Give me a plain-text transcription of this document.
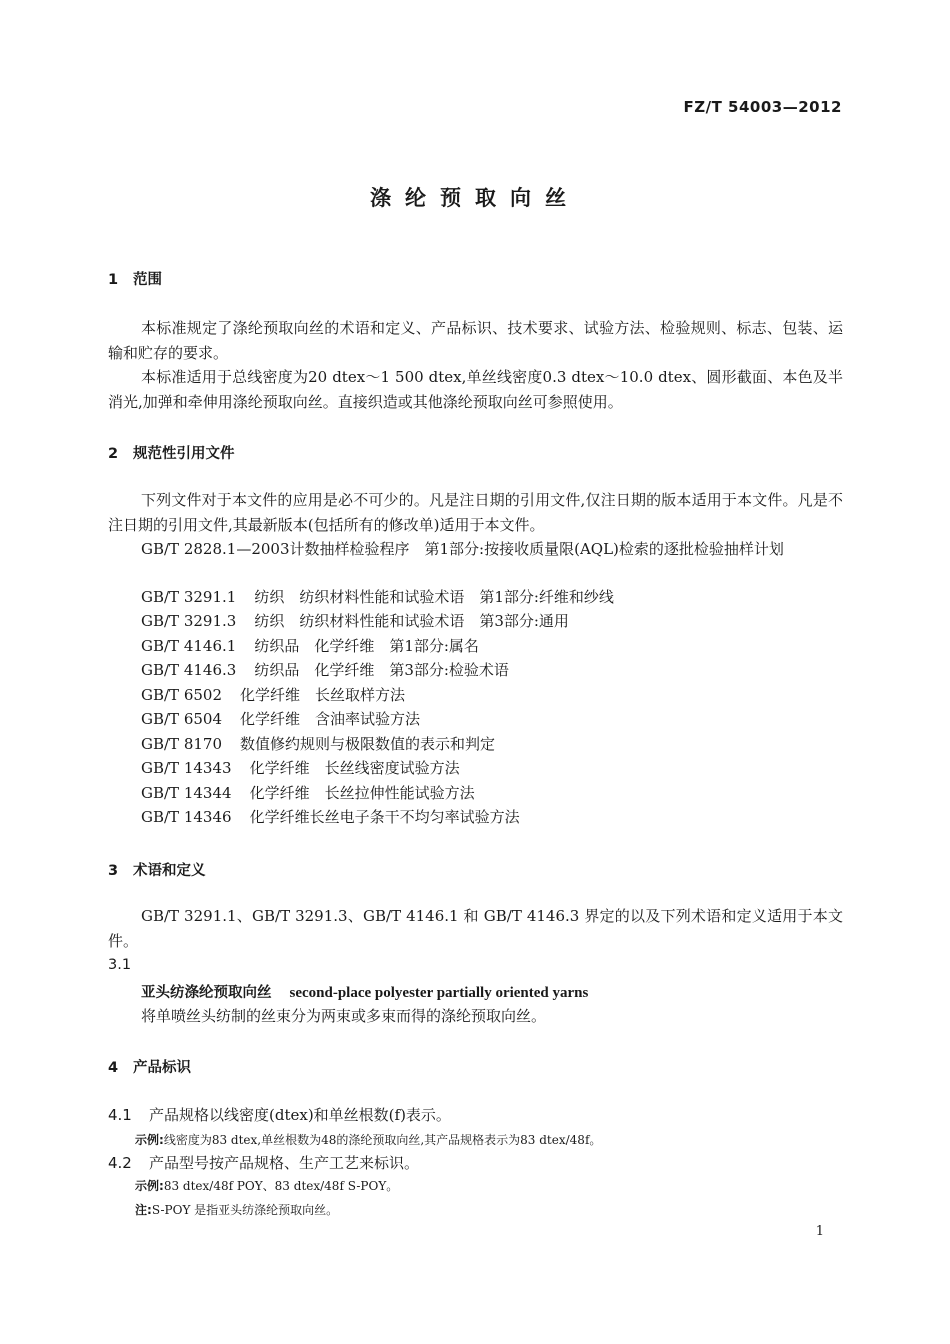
FZ/T 54003—2012
涤纶预取向丝
1 范围
本标准规定了涤纶预取向丝的术语和定义、产品标识、技术要求、试验方法、检验规则、标志、包装、运输和贮存的要求。
本标准适用于总线密度为20 dtex～1 500 dtex,单丝线密度0.3 dtex～10.0 dtex、圆形截面、本色及半消光,加弹和牵伸用涤纶预取向丝。直接织造或其他涤纶预取向丝可参照使用。
2 规范性引用文件
下列文件对于本文件的应用是必不可少的。凡是注日期的引用文件,仅注日期的版本适用于本文件。凡是不注日期的引用文件,其最新版本(包括所有的修改单)适用于本文件。
GB/T 2828.1—2003计数抽样检验程序　第1部分:按接收质量限(AQL)检索的逐批检验抽样计划
GB/T 3291.1 纺织　纺织材料性能和试验术语　第1部分:纤维和纱线
GB/T 3291.3 纺织　纺织材料性能和试验术语　第3部分:通用
GB/T 4146.1 纺织品　化学纤维　第1部分:属名
GB/T 4146.3 纺织品　化学纤维　第3部分:检验术语
GB/T 6502 化学纤维　长丝取样方法
GB/T 6504 化学纤维　含油率试验方法
GB/T 8170 数值修约规则与极限数值的表示和判定
GB/T 14343 化学纤维　长丝线密度试验方法
GB/T 14344 化学纤维　长丝拉伸性能试验方法
GB/T 14346 化学纤维长丝电子条干不均匀率试验方法
3 术语和定义
GB/T 3291.1、GB/T 3291.3、GB/T 4146.1 和 GB/T 4146.3 界定的以及下列术语和定义适用于本文件。
3.1
亚头纺涤纶预取向丝 second-place polyester partially oriented yarns
将单喷丝头纺制的丝束分为两束或多束而得的涤纶预取向丝。
4 产品标识
4.1 产品规格以线密度(dtex)和单丝根数(f)表示。
示例:线密度为83 dtex,单丝根数为48的涤纶预取向丝,其产品规格表示为83 dtex/48f。
4.2 产品型号按产品规格、生产工艺来标识。
示例:83 dtex/48f POY、83 dtex/48f S-POY。
注:S-POY 是指亚头纺涤纶预取向丝。
1
